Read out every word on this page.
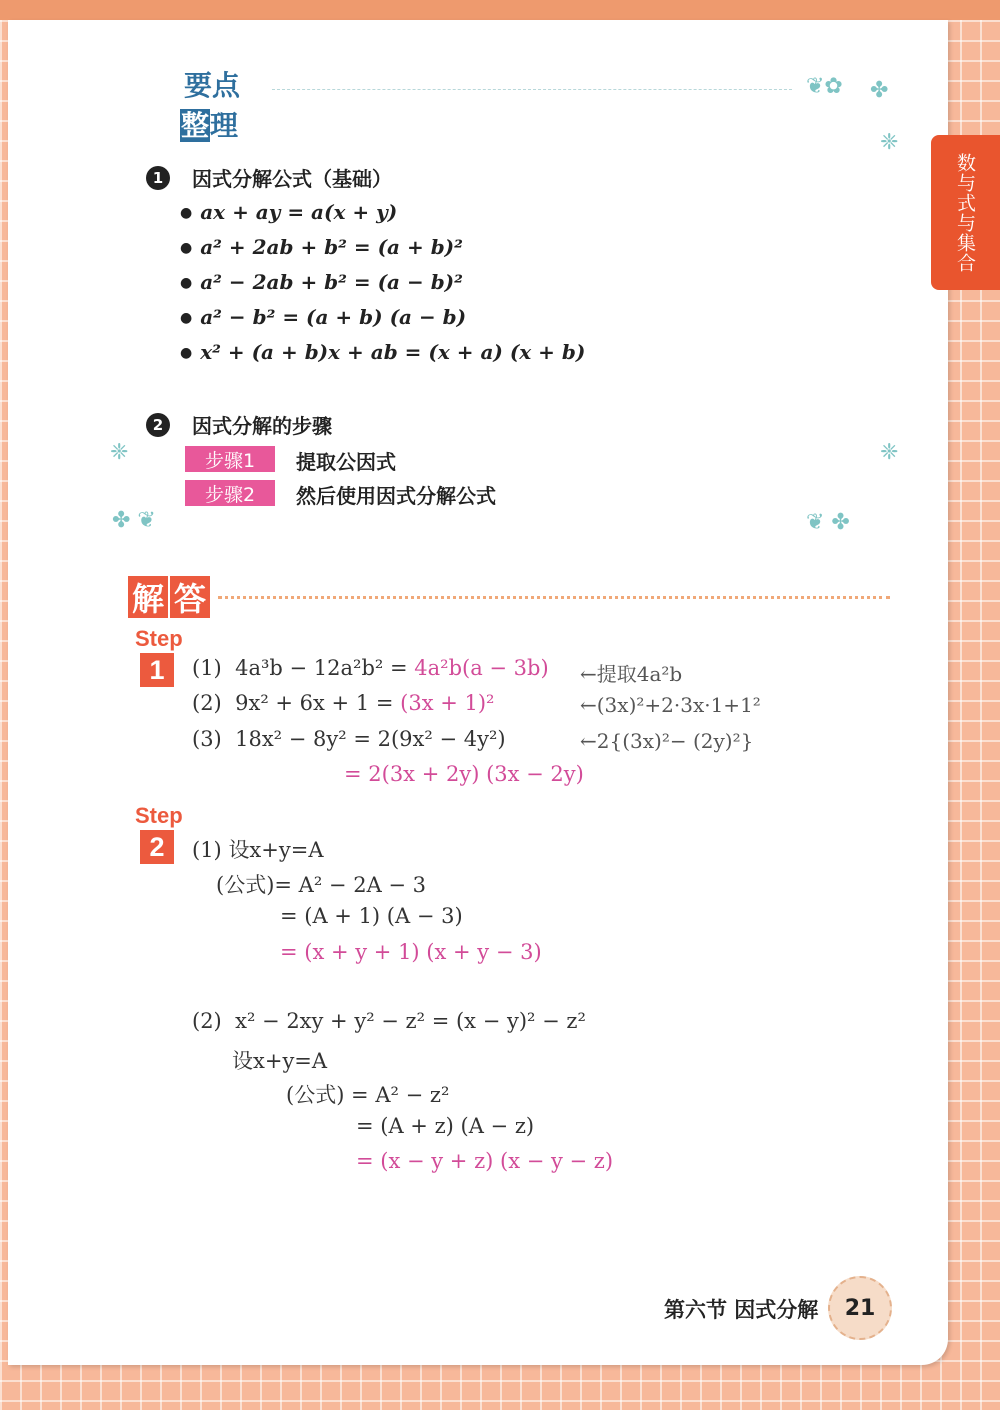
数与式与集合
要点
整理
❦✿ ✤
❈
❈
✤ ❦
❈
❦ ✤
1	因式分解公式（基础）
● ax + ay = a(x + y)
● a² + 2ab + b² = (a + b)²
● a² − 2ab + b² = (a − b)²
● a² − b² = (a + b) (a − b)
● x² + (a + b)x + ab = (x + a) (x + b)
2	因式分解的步骤
步骤1	提取公因式
步骤2	然后使用因式分解公式
解 答
Step
1	(1) 4a³b − 12a²b² = 4a²b(a − 3b) ←提取4a²b
(2) 9x² + 6x + 1 = (3x + 1)²	←(3x)²+2·3x·1+1²
(3) 18x² − 8y² = 2(9x² − 4y²)	←2{(3x)²− (2y)²}
= 2(3x + 2y) (3x − 2y)
Step
2	(1) 设x+y=A
(公式)= A² − 2A − 3
= (A + 1) (A − 3)
= (x + y + 1) (x + y − 3)
(2) x² − 2xy + y² − z² = (x − y)² − z²
设x+y=A
(公式) = A² − z²
= (A + z) (A − z)
= (x − y + z) (x − y − z)
第六节 因式分解 21
